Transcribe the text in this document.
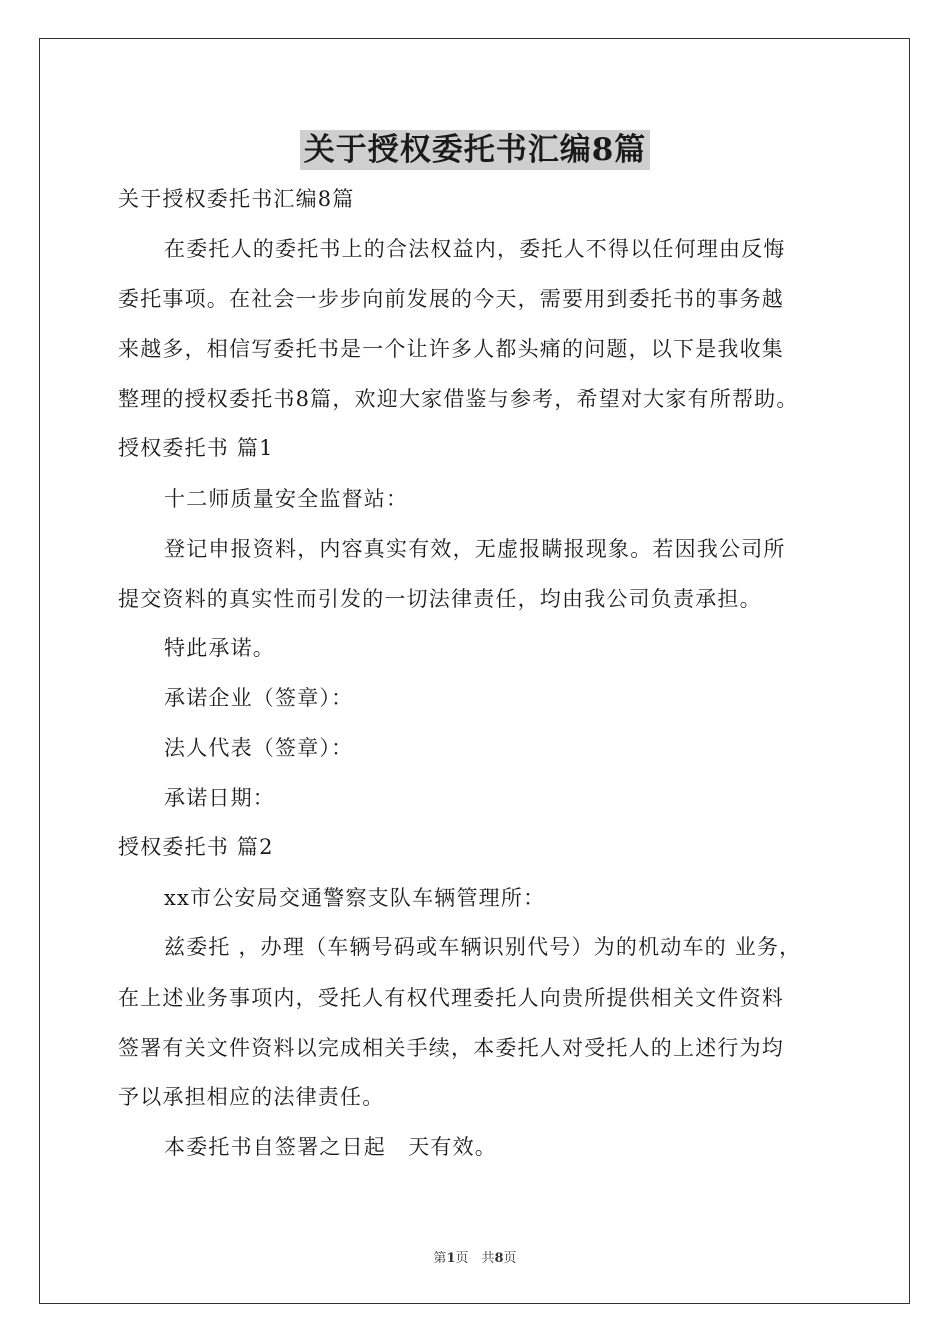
关于授权委托书汇编8篇
关于授权委托书汇编8篇
在委托人的委托书上的合法权益内，委托人不得以任何理由反悔
委托事项。在社会一步步向前发展的今天，需要用到委托书的事务越
来越多，相信写委托书是一个让许多人都头痛的问题，以下是我收集
整理的授权委托书8篇，欢迎大家借鉴与参考，希望对大家有所帮助。
授权委托书 篇1
十二师质量安全监督站：
登记申报资料，内容真实有效，无虚报瞒报现象。若因我公司所
提交资料的真实性而引发的一切法律责任，均由我公司负责承担。
特此承诺。
承诺企业（签章）：
法人代表（签章）：
承诺日期：
授权委托书 篇2
xx市公安局交通警察支队车辆管理所：
兹委托 ，办理（车辆号码或车辆识别代号）为的机动车的 业务，
在上述业务事项内，受托人有权代理委托人向贵所提供相关文件资料
签署有关文件资料以完成相关手续，本委托人对受托人的上述行为均
予以承担相应的法律责任。
本委托书自签署之日起　天有效。
第1页　共8页
